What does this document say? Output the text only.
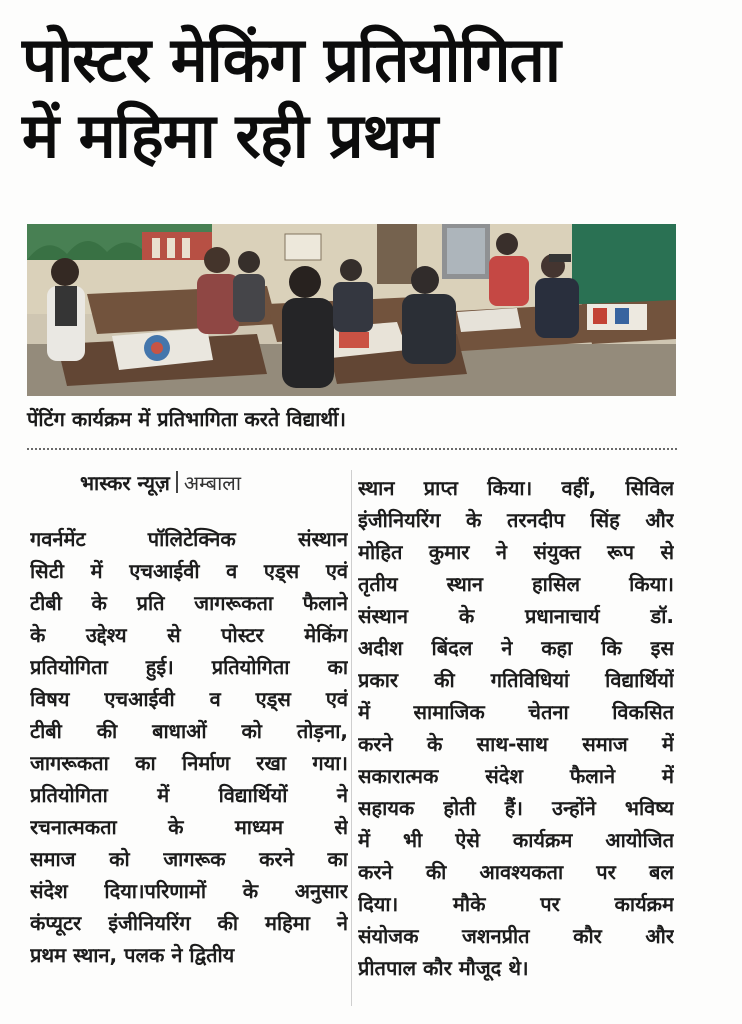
पोस्टर मेकिंग प्रतियोगिता
में महिमा रही प्रथम
पेंटिंग कार्यक्रम में प्रतिभागिता करते विद्यार्थी।
भास्कर न्यूज़ अम्बाला
गवर्नमेंट पॉलिटेक्निक संस्थान
सिटी में एचआईवी व एड्स एवं
टीबी के प्रति जागरूकता फैलाने
के उद्देश्य से पोस्टर मेकिंग
प्रतियोगिता हुई। प्रतियोगिता का
विषय एचआईवी व एड्स एवं
टीबी की बाधाओं को तोड़ना,
जागरूकता का निर्माण रखा गया।
प्रतियोगिता में विद्यार्थियों ने
रचनात्मकता के माध्यम से
समाज को जागरूक करने का
संदेश दिया।परिणामों के अनुसार
कंप्यूटर इंजीनियरिंग की महिमा ने
प्रथम स्थान, पलक ने द्वितीय
स्थान प्राप्त किया। वहीं, सिविल
इंजीनियरिंग के तरनदीप सिंह और
मोहित कुमार ने संयुक्त रूप से
तृतीय स्थान हासिल किया।
संस्थान के प्रधानाचार्य डॉ.
अदीश बिंदल ने कहा कि इस
प्रकार की गतिविधियां विद्यार्थियों
में सामाजिक चेतना विकसित
करने के साथ-साथ समाज में
सकारात्मक संदेश फैलाने में
सहायक होती हैं। उन्होंने भविष्य
में भी ऐसे कार्यक्रम आयोजित
करने की आवश्यकता पर बल
दिया। मौके पर कार्यक्रम
संयोजक जशनप्रीत कौर और
प्रीतपाल कौर मौजूद थे।
